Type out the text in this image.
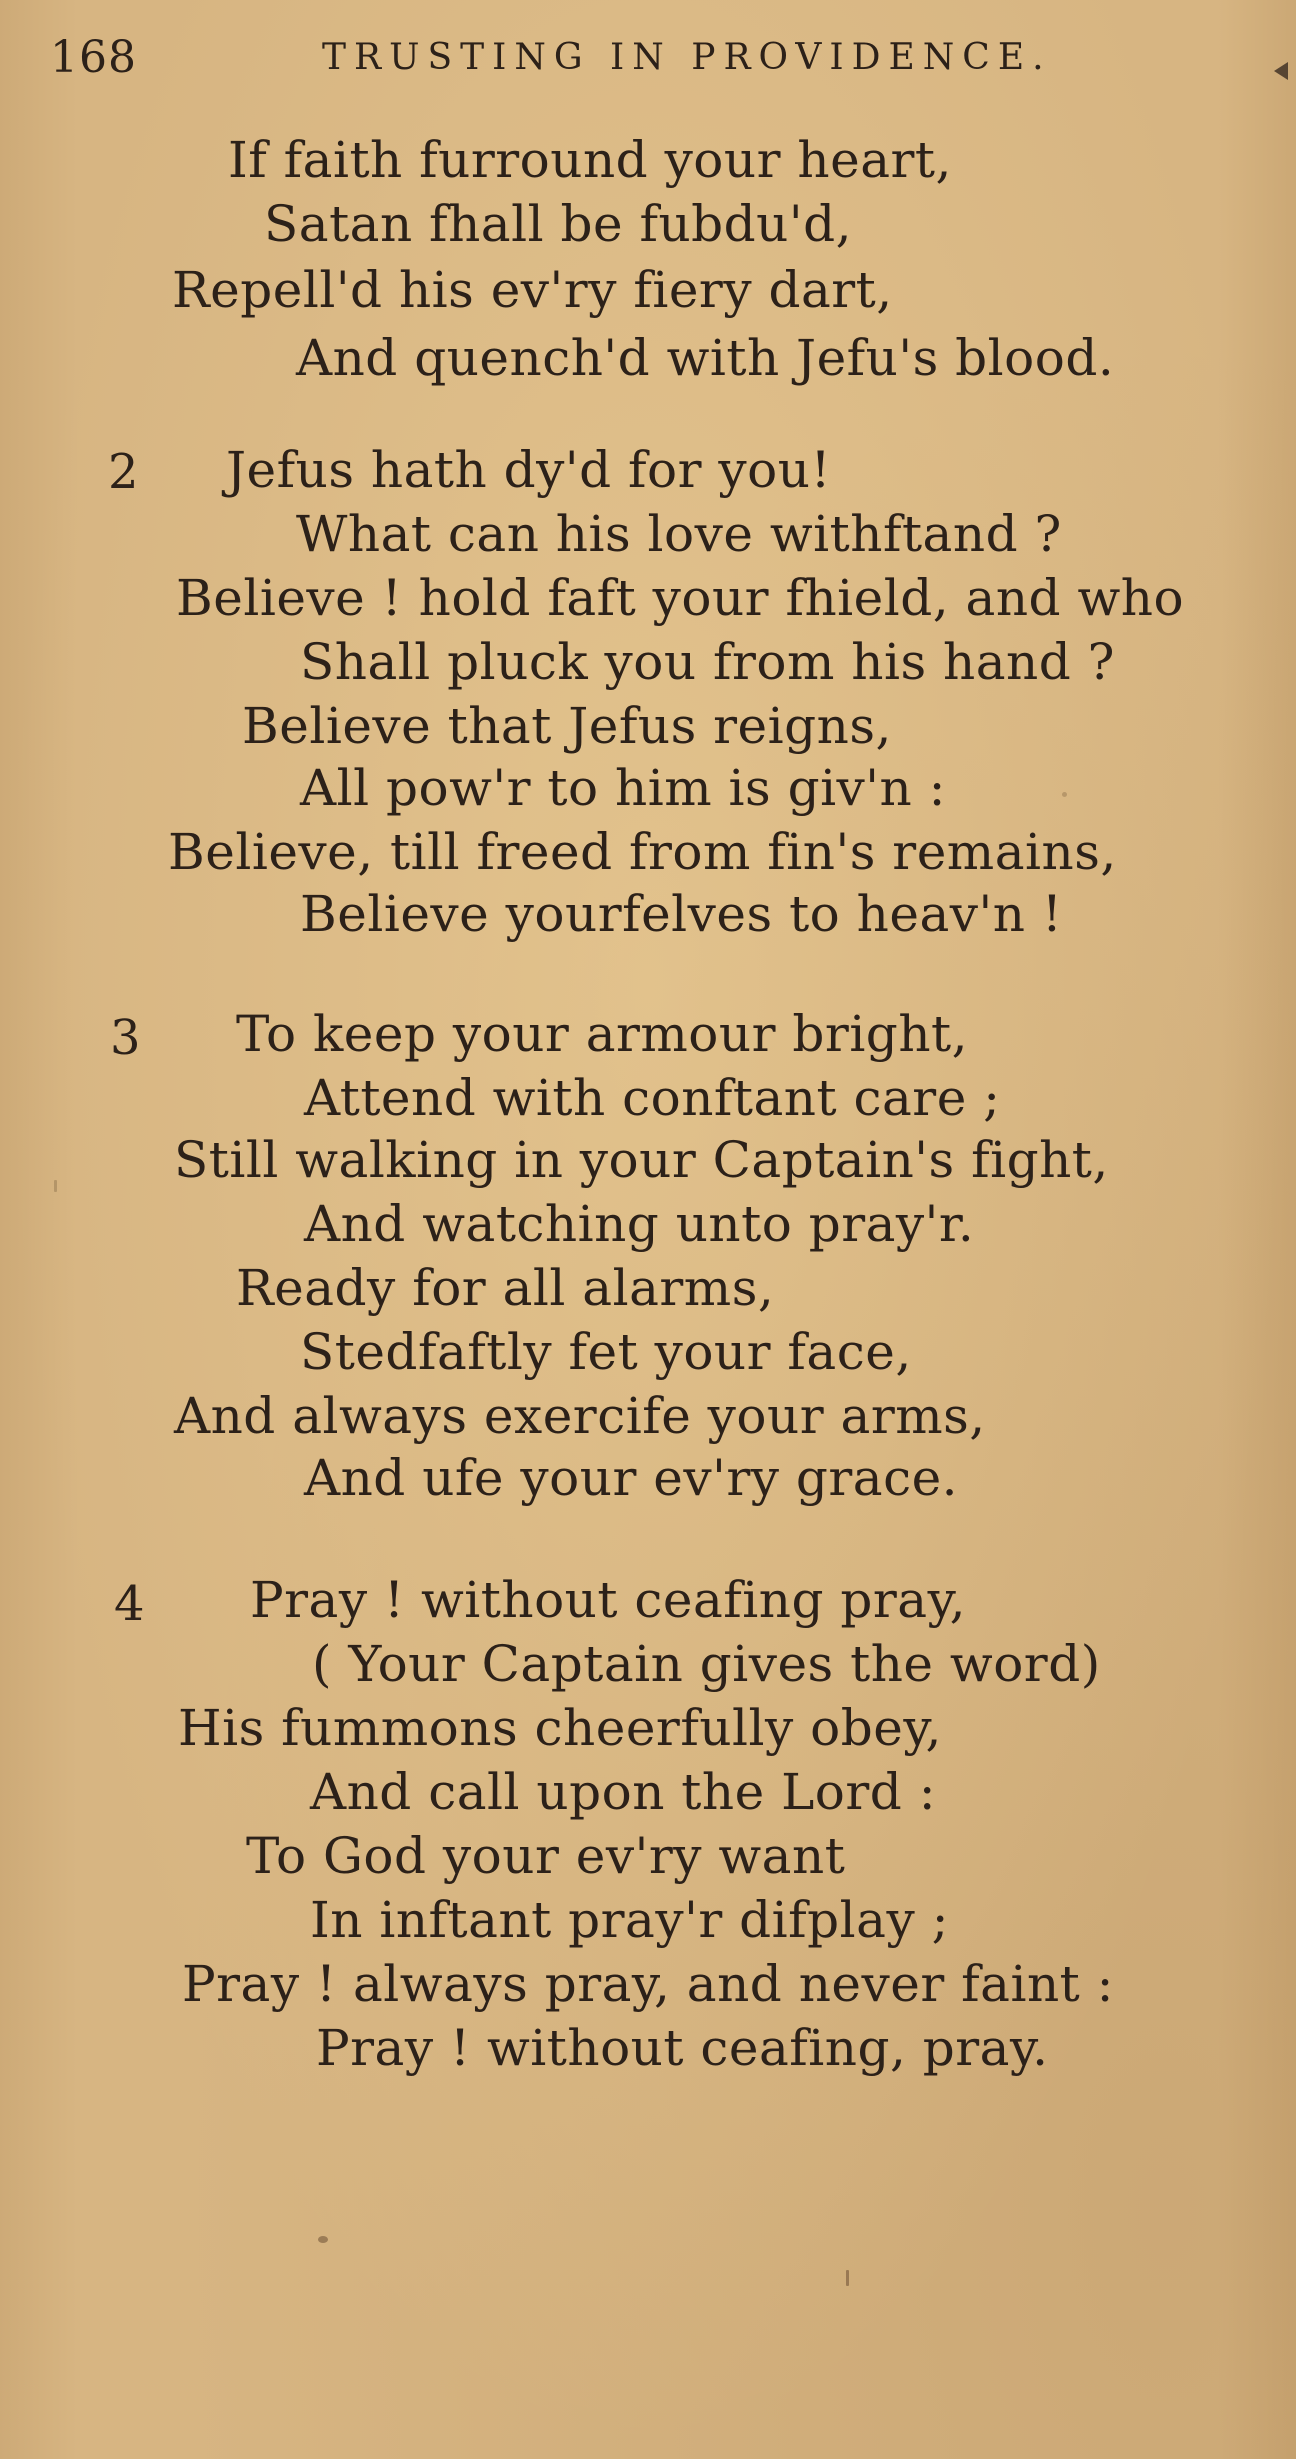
168	TRUSTING IN PROVIDENCE.
If faith furround your heart,
Satan fhall be fubdu'd,
Repell'd his ev'ry fiery dart,
And quench'd with Jefu's blood.
2 Jefus hath dy'd for you!
What can his love withftand ?
Believe ! hold faft your fhield, and who
Shall pluck you from his hand ?
Believe that Jefus reigns,
All pow'r to him is giv'n :
Believe, till freed from fin's remains,
Believe yourfelves to heav'n !
3 To keep your armour bright,
Attend with conftant care ;
Still walking in your Captain's fight,
And watching unto pray'r.
Ready for all alarms,
Stedfaftly fet your face,
And always exercife your arms,
And ufe your ev'ry grace.
4 Pray ! without ceafing pray,
( Your Captain gives the word)
His fummons cheerfully obey,
And call upon the Lord :
To God your ev'ry want
In inftant pray'r difplay ;
Pray ! always pray, and never faint :
Pray ! without ceafing, pray.
